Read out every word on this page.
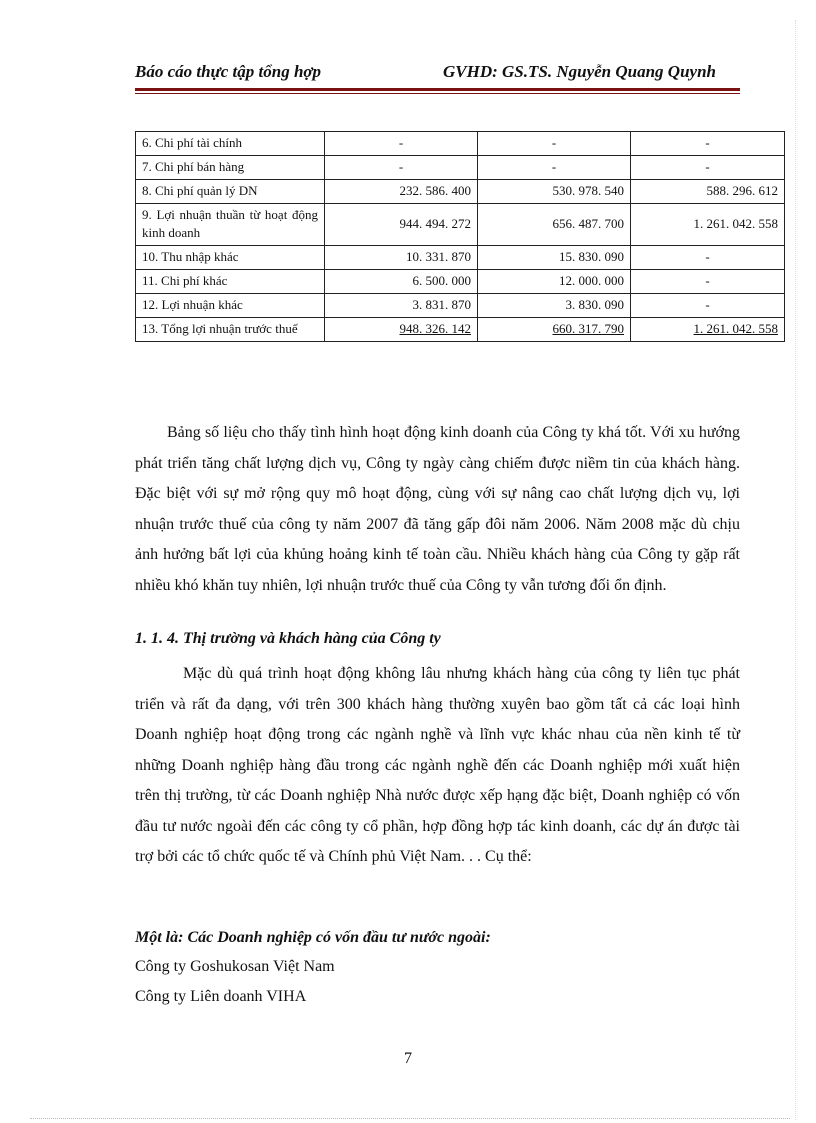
Báo cáo thực tập tổng hợp	GVHD: GS.TS. Nguyễn Quang Quynh
6. Chi phí tài chính	-	-	-
7. Chi phí bán hàng	-	-	-
8. Chi phí quản lý DN	232. 586. 400	530. 978. 540	588. 296. 612
9. Lợi nhuận thuần từ hoạt động kinh doanh	944. 494. 272	656. 487. 700	1. 261. 042. 558
10. Thu nhập khác	10. 331. 870	15. 830. 090	-
11. Chi phí khác	6. 500. 000	12. 000. 000	-
12. Lợi nhuận khác	3. 831. 870	3. 830. 090	-
13. Tổng lợi nhuận trước thuế	948. 326. 142	660. 317. 790	1. 261. 042. 558

Bảng số liệu cho thấy tình hình hoạt động kinh doanh của Công ty khá tốt. Với xu hướng phát triển tăng chất lượng dịch vụ, Công ty ngày càng chiếm được niềm tin của khách hàng. Đặc biệt với sự mở rộng quy mô hoạt động, cùng với sự nâng cao chất lượng dịch vụ, lợi nhuận trước thuế của công ty năm 2007 đã tăng gấp đôi năm 2006. Năm 2008 mặc dù chịu ảnh hưởng bất lợi của khủng hoảng kinh tế toàn cầu. Nhiều khách hàng của Công ty gặp rất nhiều khó khăn tuy nhiên, lợi nhuận trước thuế của Công ty vẫn tương đối ổn định.

1. 1. 4. Thị trường và khách hàng của Công ty

Mặc dù quá trình hoạt động không lâu nhưng khách hàng của công ty liên tục phát triển và rất đa dạng, với trên 300 khách hàng thường xuyên bao gồm tất cả các loại hình Doanh nghiệp hoạt động trong các ngành nghề và lĩnh vực khác nhau của nền kinh tế từ những Doanh nghiệp hàng đầu trong các ngành nghề đến các Doanh nghiệp mới xuất hiện trên thị trường, từ các Doanh nghiệp Nhà nước được xếp hạng đặc biệt, Doanh nghiệp có vốn đầu tư nước ngoài đến các công ty cổ phần, hợp đồng hợp tác kinh doanh, các dự án được tài trợ bởi các tổ chức quốc tế và Chính phủ Việt Nam. . . Cụ thể:

Một là: Các Doanh nghiệp có vốn đầu tư nước ngoài:

Công ty Goshukosan Việt Nam

Công ty Liên doanh VIHA

7
